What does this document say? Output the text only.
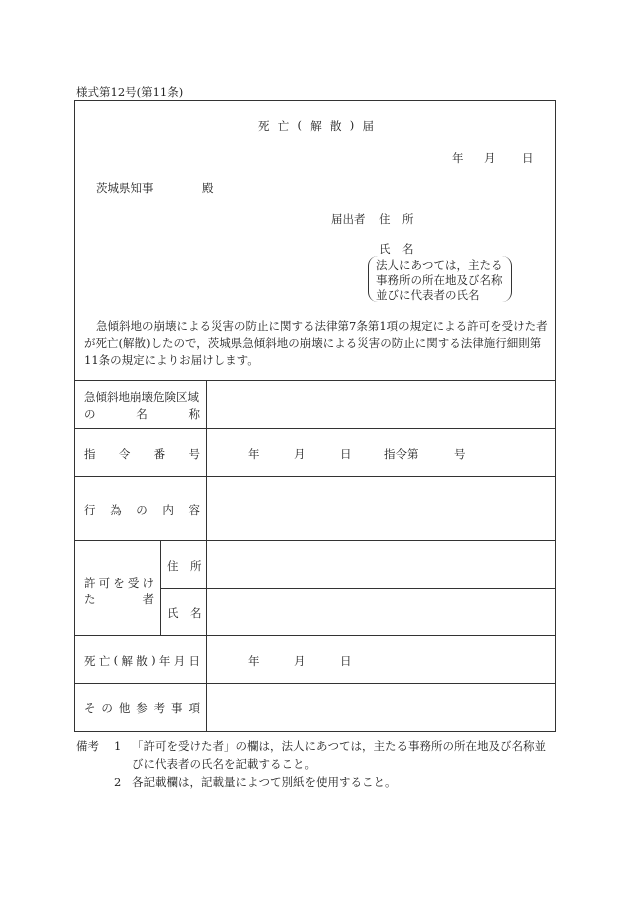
様式第12号(第11条)
死 亡 ( 解 散 ) 届
年 月 日
茨城県知事	殿
届出者 住　所
氏　名
法人にあつては，主たる
事務所の所在地及び名称
並びに代表者の氏名
急傾斜地の崩壊による災害の防止に関する法律第7条第1項の規定による許可を受けた者が死亡(解散)したので，茨城県急傾斜地の崩壊による災害の防止に関する法律施行細則第11条の規定によりお届けします。
急傾斜地崩壊危険区域
の	名	称
指 令 番 号	年	月	日	指令第	号
行 為 の 内 容
許 可 を 受 け
た	者
住　所
氏　名
死 亡 ( 解 散 ) 年 月 日	年	月	日
そ の 他 参 考 事 項
備考 1 「許可を受けた者」の欄は，法人にあつては，主たる事務所の所在地及び名称並
びに代表者の氏名を記載すること。
2 各記載欄は，記載量によつて別紙を使用すること。
